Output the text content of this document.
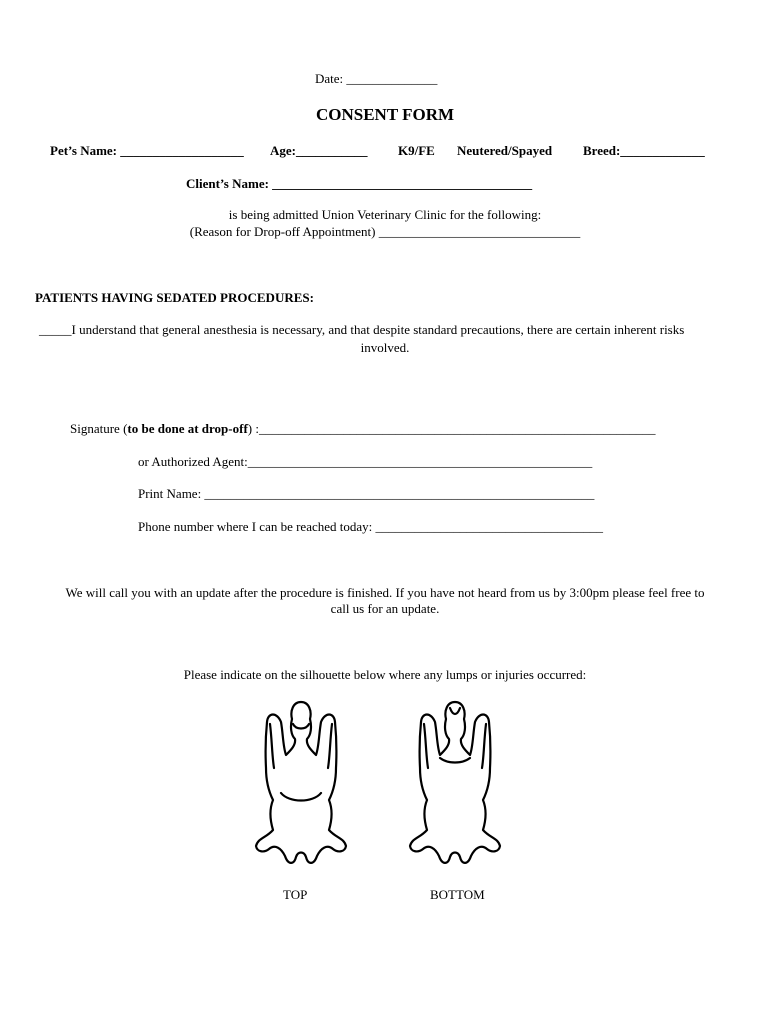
Date: ______________
CONSENT FORM
Pet’s Name: ___________________ Age:___________ K9/FE Neutered/Spayed Breed:_____________
Client’s Name: ________________________________________
is being admitted Union Veterinary Clinic for the following:
(Reason for Drop-off Appointment) _______________________________
PATIENTS HAVING SEDATED PROCEDURES:
_____I understand that general anesthesia is necessary, and that despite standard precautions, there are certain inherent risks
involved.
Signature (to be done at drop-off) :_____________________________________________________________
or Authorized Agent:_____________________________________________________
Print Name: ____________________________________________________________
Phone number where I can be reached today: ___________________________________
We will call you with an update after the procedure is finished. If you have not heard from us by 3:00pm please feel free to
call us for an update.
Please indicate on the silhouette below where any lumps or injuries occurred:
TOP	BOTTOM
